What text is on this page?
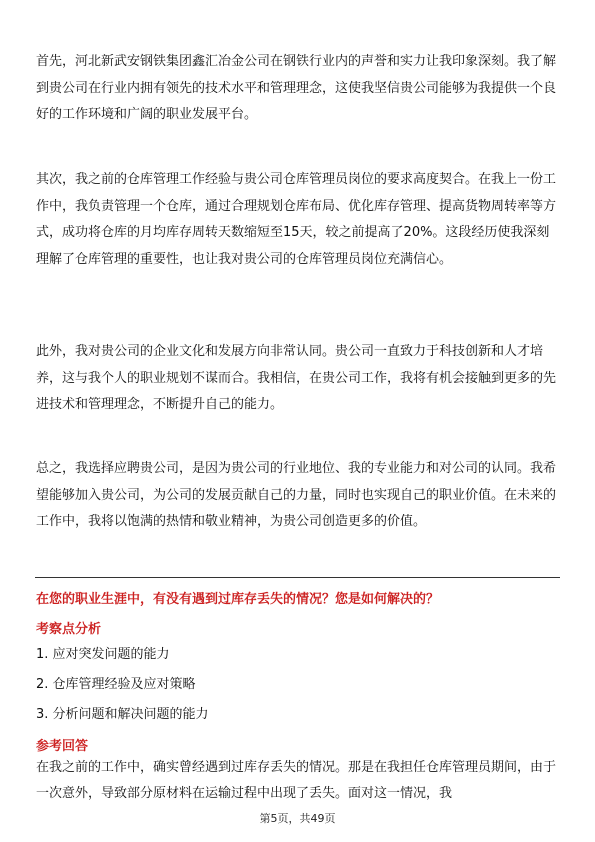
首先，河北新武安钢铁集团鑫汇冶金公司在钢铁行业内的声誉和实力让我印象深刻。我了解到贵公司在行业内拥有领先的技术水平和管理理念，这使我坚信贵公司能够为我提供一个良好的工作环境和广阔的职业发展平台。

其次，我之前的仓库管理工作经验与贵公司仓库管理员岗位的要求高度契合。在我上一份工作中，我负责管理一个仓库，通过合理规划仓库布局、优化库存管理、提高货物周转率等方式，成功将仓库的月均库存周转天数缩短至15天，较之前提高了20%。这段经历使我深刻理解了仓库管理的重要性，也让我对贵公司的仓库管理员岗位充满信心。

此外，我对贵公司的企业文化和发展方向非常认同。贵公司一直致力于科技创新和人才培养，这与我个人的职业规划不谋而合。我相信，在贵公司工作，我将有机会接触到更多的先进技术和管理理念，不断提升自己的能力。

总之，我选择应聘贵公司，是因为贵公司的行业地位、我的专业能力和对公司的认同。我希望能够加入贵公司，为公司的发展贡献自己的力量，同时也实现自己的职业价值。在未来的工作中，我将以饱满的热情和敬业精神，为贵公司创造更多的价值。

在您的职业生涯中，有没有遇到过库存丢失的情况？您是如何解决的？

考察点分析

1. 应对突发问题的能力

2. 仓库管理经验及应对策略

3. 分析问题和解决问题的能力

参考回答

在我之前的工作中，确实曾经遇到过库存丢失的情况。那是在我担任仓库管理员期间，由于一次意外，导致部分原材料在运输过程中出现了丢失。面对这一情况，我

第5页，共49页
